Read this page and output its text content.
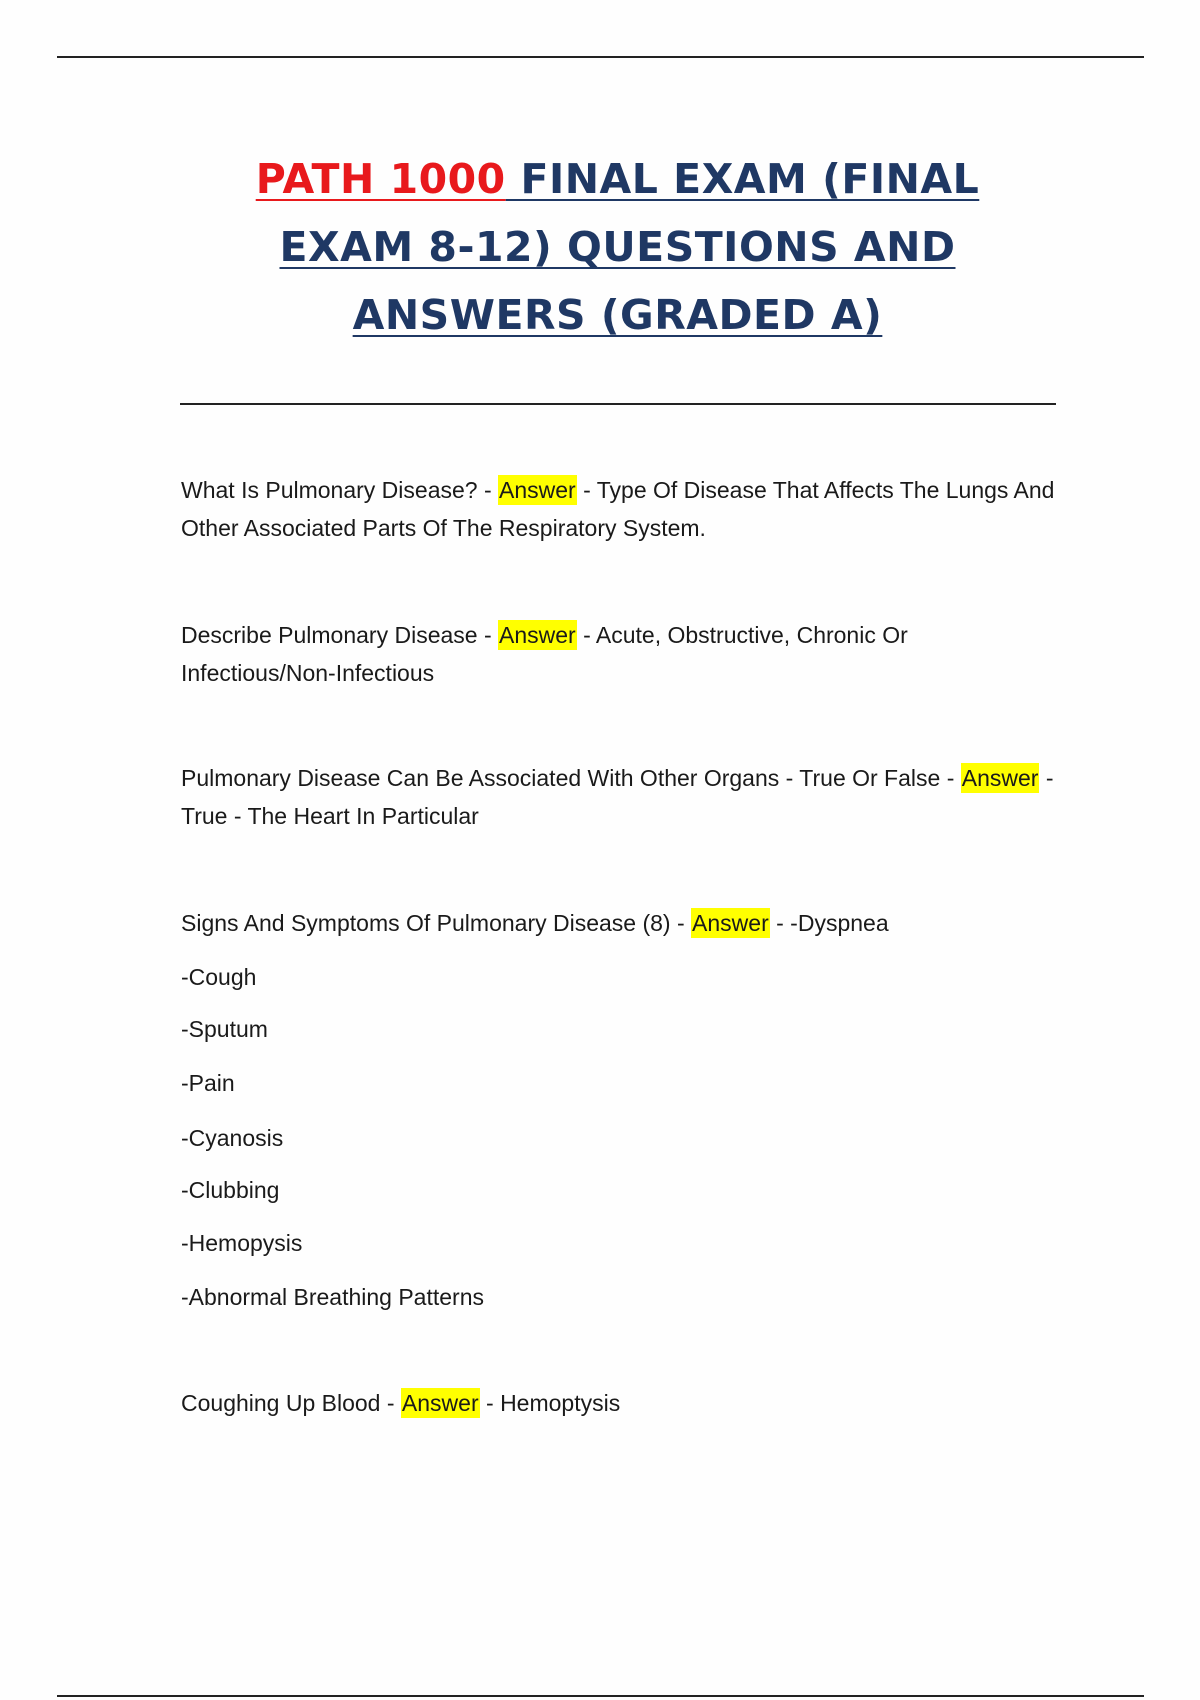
PATH 1000 FINAL EXAM (FINAL
EXAM 8-12) QUESTIONS AND
ANSWERS (GRADED A)
What Is Pulmonary Disease? - Answer - Type Of Disease That Affects The Lungs And Other Associated Parts Of The Respiratory System.
Describe Pulmonary Disease - Answer - Acute, Obstructive, Chronic Or Infectious/Non-Infectious
Pulmonary Disease Can Be Associated With Other Organs - True Or False - Answer - True - The Heart In Particular
Signs And Symptoms Of Pulmonary Disease (8) - Answer - -Dyspnea
-Cough
-Sputum
-Pain
-Cyanosis
-Clubbing
-Hemopysis
-Abnormal Breathing Patterns
Coughing Up Blood - Answer - Hemoptysis
